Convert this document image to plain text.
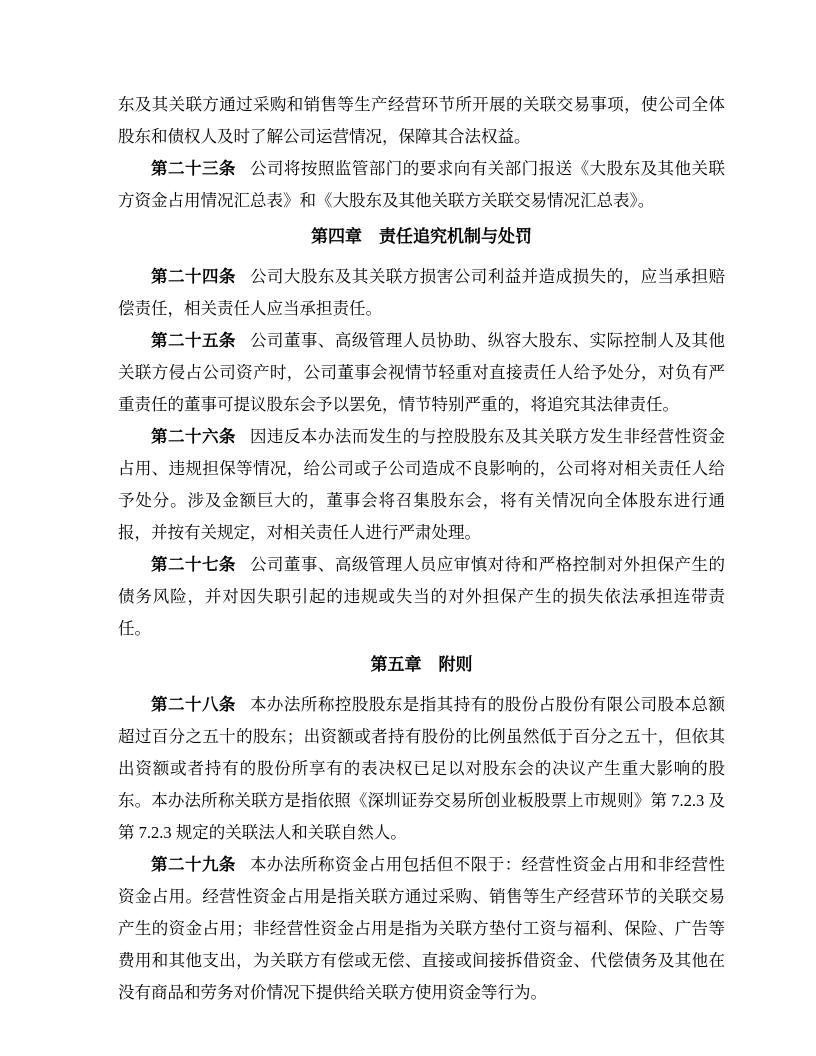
东及其关联方通过采购和销售等生产经营环节所开展的关联交易事项，使公司全体股东和债权人及时了解公司运营情况，保障其合法权益。

第二十三条 公司将按照监管部门的要求向有关部门报送《大股东及其他关联方资金占用情况汇总表》和《大股东及其他关联方关联交易情况汇总表》。

第四章　责任追究机制与处罚

第二十四条 公司大股东及其关联方损害公司利益并造成损失的，应当承担赔偿责任，相关责任人应当承担责任。

第二十五条 公司董事、高级管理人员协助、纵容大股东、实际控制人及其他关联方侵占公司资产时，公司董事会视情节轻重对直接责任人给予处分，对负有严重责任的董事可提议股东会予以罢免，情节特别严重的，将追究其法律责任。

第二十六条 因违反本办法而发生的与控股股东及其关联方发生非经营性资金占用、违规担保等情况，给公司或子公司造成不良影响的，公司将对相关责任人给予处分。涉及金额巨大的，董事会将召集股东会，将有关情况向全体股东进行通报，并按有关规定，对相关责任人进行严肃处理。

第二十七条 公司董事、高级管理人员应审慎对待和严格控制对外担保产生的债务风险，并对因失职引起的违规或失当的对外担保产生的损失依法承担连带责任。

第五章　附则

第二十八条 本办法所称控股股东是指其持有的股份占股份有限公司股本总额超过百分之五十的股东；出资额或者持有股份的比例虽然低于百分之五十，但依其出资额或者持有的股份所享有的表决权已足以对股东会的决议产生重大影响的股东。本办法所称关联方是指依照《深圳证券交易所创业板股票上市规则》第 7.2.3 及第 7.2.3 规定的关联法人和关联自然人。

第二十九条 本办法所称资金占用包括但不限于：经营性资金占用和非经营性资金占用。经营性资金占用是指关联方通过采购、销售等生产经营环节的关联交易产生的资金占用；非经营性资金占用是指为关联方垫付工资与福利、保险、广告等费用和其他支出，为关联方有偿或无偿、直接或间接拆借资金、代偿债务及其他在没有商品和劳务对价情况下提供给关联方使用资金等行为。
